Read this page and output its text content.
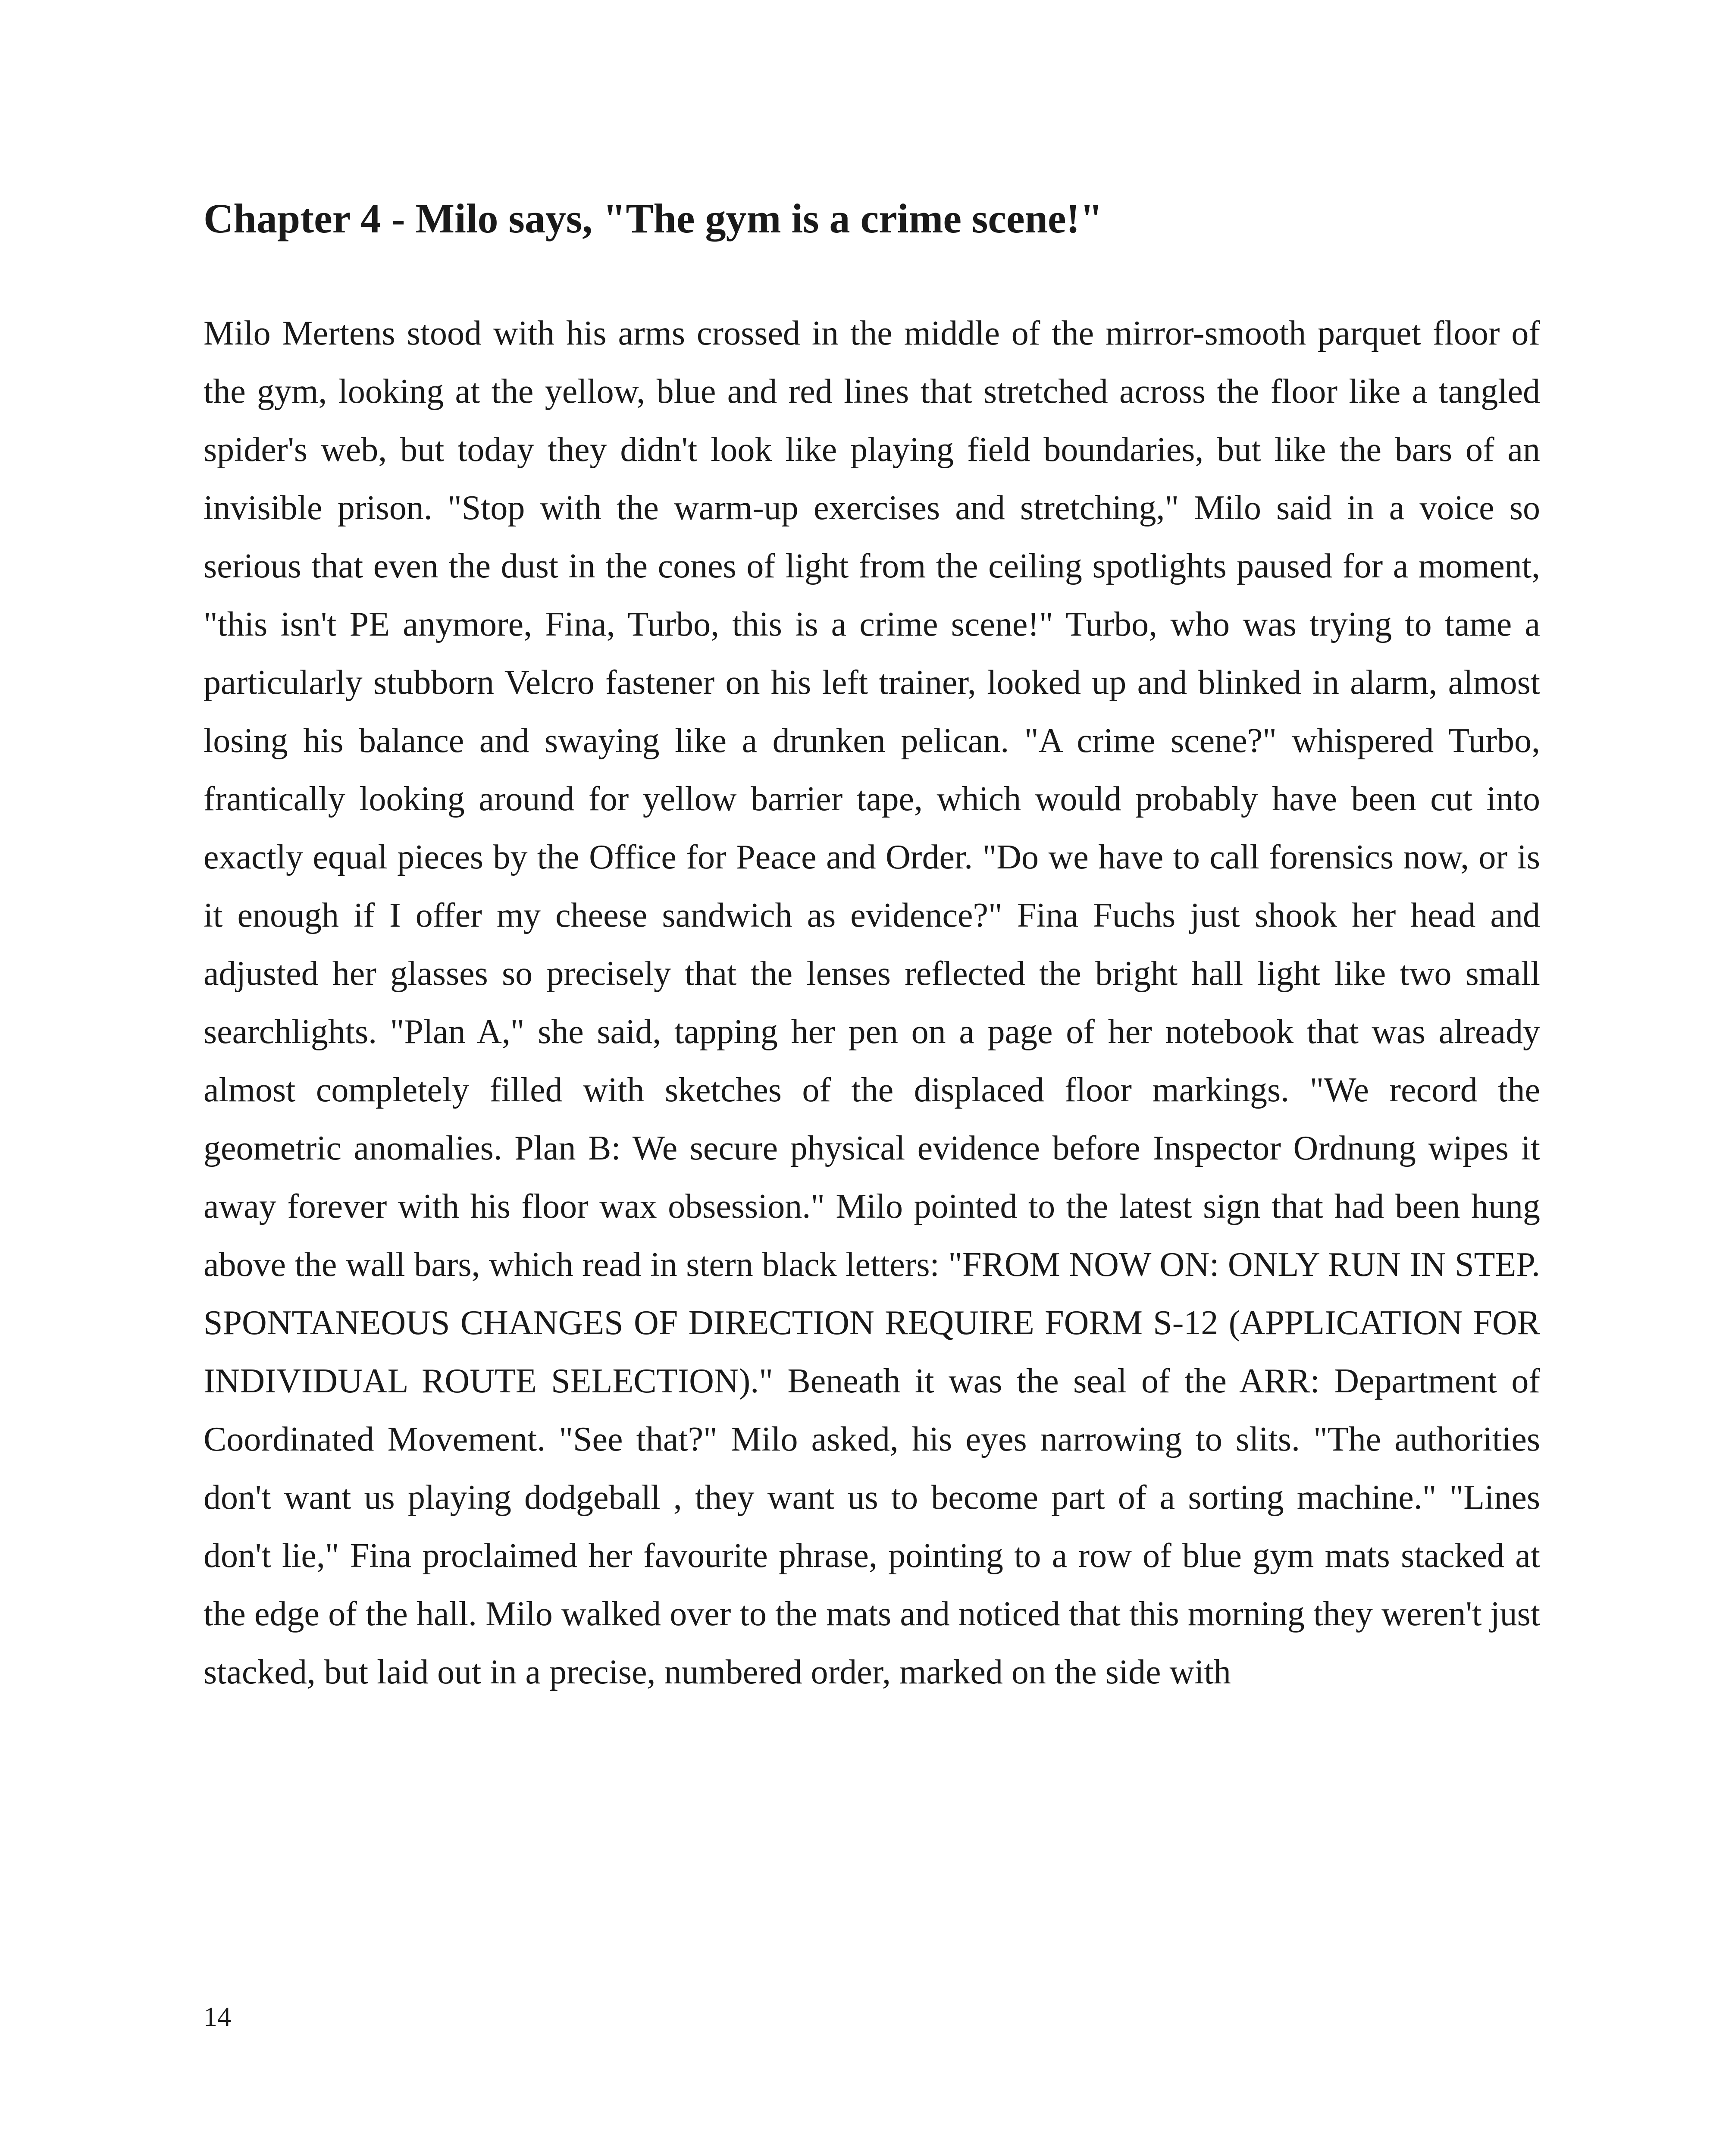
Chapter 4 - Milo says, "The gym is a crime scene!"

Milo Mertens stood with his arms crossed in the middle of the mirror-smooth parquet floor of the gym, looking at the yellow, blue and red lines that stretched across the floor like a tangled spider's web, but today they didn't look like playing field boundaries, but like the bars of an invisible prison. "Stop with the warm-up exercises and stretching," Milo said in a voice so serious that even the dust in the cones of light from the ceiling spotlights paused for a moment, "this isn't PE anymore, Fina, Turbo, this is a crime scene!" Turbo, who was trying to tame a particularly stubborn Velcro fastener on his left trainer, looked up and blinked in alarm, almost losing his balance and swaying like a drunken pelican. "A crime scene?" whispered Turbo, frantically looking around for yellow barrier tape, which would probably have been cut into exactly equal pieces by the Office for Peace and Order. "Do we have to call forensics now, or is it enough if I offer my cheese sandwich as evidence?" Fina Fuchs just shook her head and adjusted her glasses so precisely that the lenses reflected the bright hall light like two small searchlights. "Plan A," she said, tapping her pen on a page of her notebook that was already almost completely filled with sketches of the displaced floor markings. "We record the geometric anomalies. Plan B: We secure physical evidence before Inspector Ordnung wipes it away forever with his floor wax obsession." Milo pointed to the latest sign that had been hung above the wall bars, which read in stern black letters: "FROM NOW ON: ONLY RUN IN STEP. SPONTANEOUS CHANGES OF DIRECTION REQUIRE FORM S-12 (APPLICATION FOR INDIVIDUAL ROUTE SELECTION)." Beneath it was the seal of the ARR: Department of Coordinated Movement. "See that?" Milo asked, his eyes narrowing to slits. "The authorities don't want us playing dodgeball , they want us to become part of a sorting machine." "Lines don't lie," Fina proclaimed her favourite phrase, pointing to a row of blue gym mats stacked at the edge of the hall. Milo walked over to the mats and noticed that this morning they weren't just stacked, but laid out in a precise, numbered order, marked on the side with

14
